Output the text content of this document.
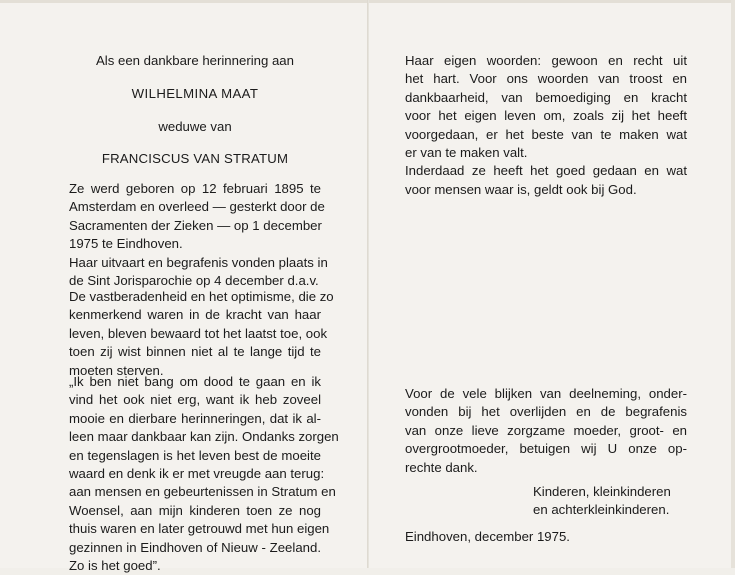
Als een dankbare herinnering aan

WILHELMINA MAAT

weduwe van

FRANCISCUS VAN STRATUM

Ze werd geboren op 12 februari 1895 te
Amsterdam en overleed — gesterkt door de
Sacramenten der Zieken — op 1 december
1975 te Eindhoven.
Haar uitvaart en begrafenis vonden plaats in
de Sint Jorisparochie op 4 december d.a.v.
De vastberadenheid en het optimisme, die zo
kenmerkend waren in de kracht van haar
leven, bleven bewaard tot het laatst toe, ook
toen zij wist binnen niet al te lange tijd te
moeten sterven.
„Ik ben niet bang om dood te gaan en ik
vind het ook niet erg, want ik heb zoveel
mooie en dierbare herinneringen, dat ik al-
leen maar dankbaar kan zijn. Ondanks zorgen
en tegenslagen is het leven best de moeite
waard en denk ik er met vreugde aan terug:
aan mensen en gebeurtenissen in Stratum en
Woensel, aan mijn kinderen toen ze nog
thuis waren en later getrouwd met hun eigen
gezinnen in Eindhoven of Nieuw - Zeeland.
Zo is het goed”.
Haar eigen woorden: gewoon en recht uit
het hart. Voor ons woorden van troost en
dankbaarheid, van bemoediging en kracht
voor het eigen leven om, zoals zij het heeft
voorgedaan, er het beste van te maken wat
er van te maken valt.
Inderdaad ze heeft het goed gedaan en wat
voor mensen waar is, geldt ook bij God.
Voor de vele blijken van deelneming, onder-
vonden bij het overlijden en de begrafenis
van onze lieve zorgzame moeder, groot- en
overgrootmoeder, betuigen wij U onze op-
rechte dank.
Kinderen, kleinkinderen
en achterkleinkinderen.

Eindhoven, december 1975.
